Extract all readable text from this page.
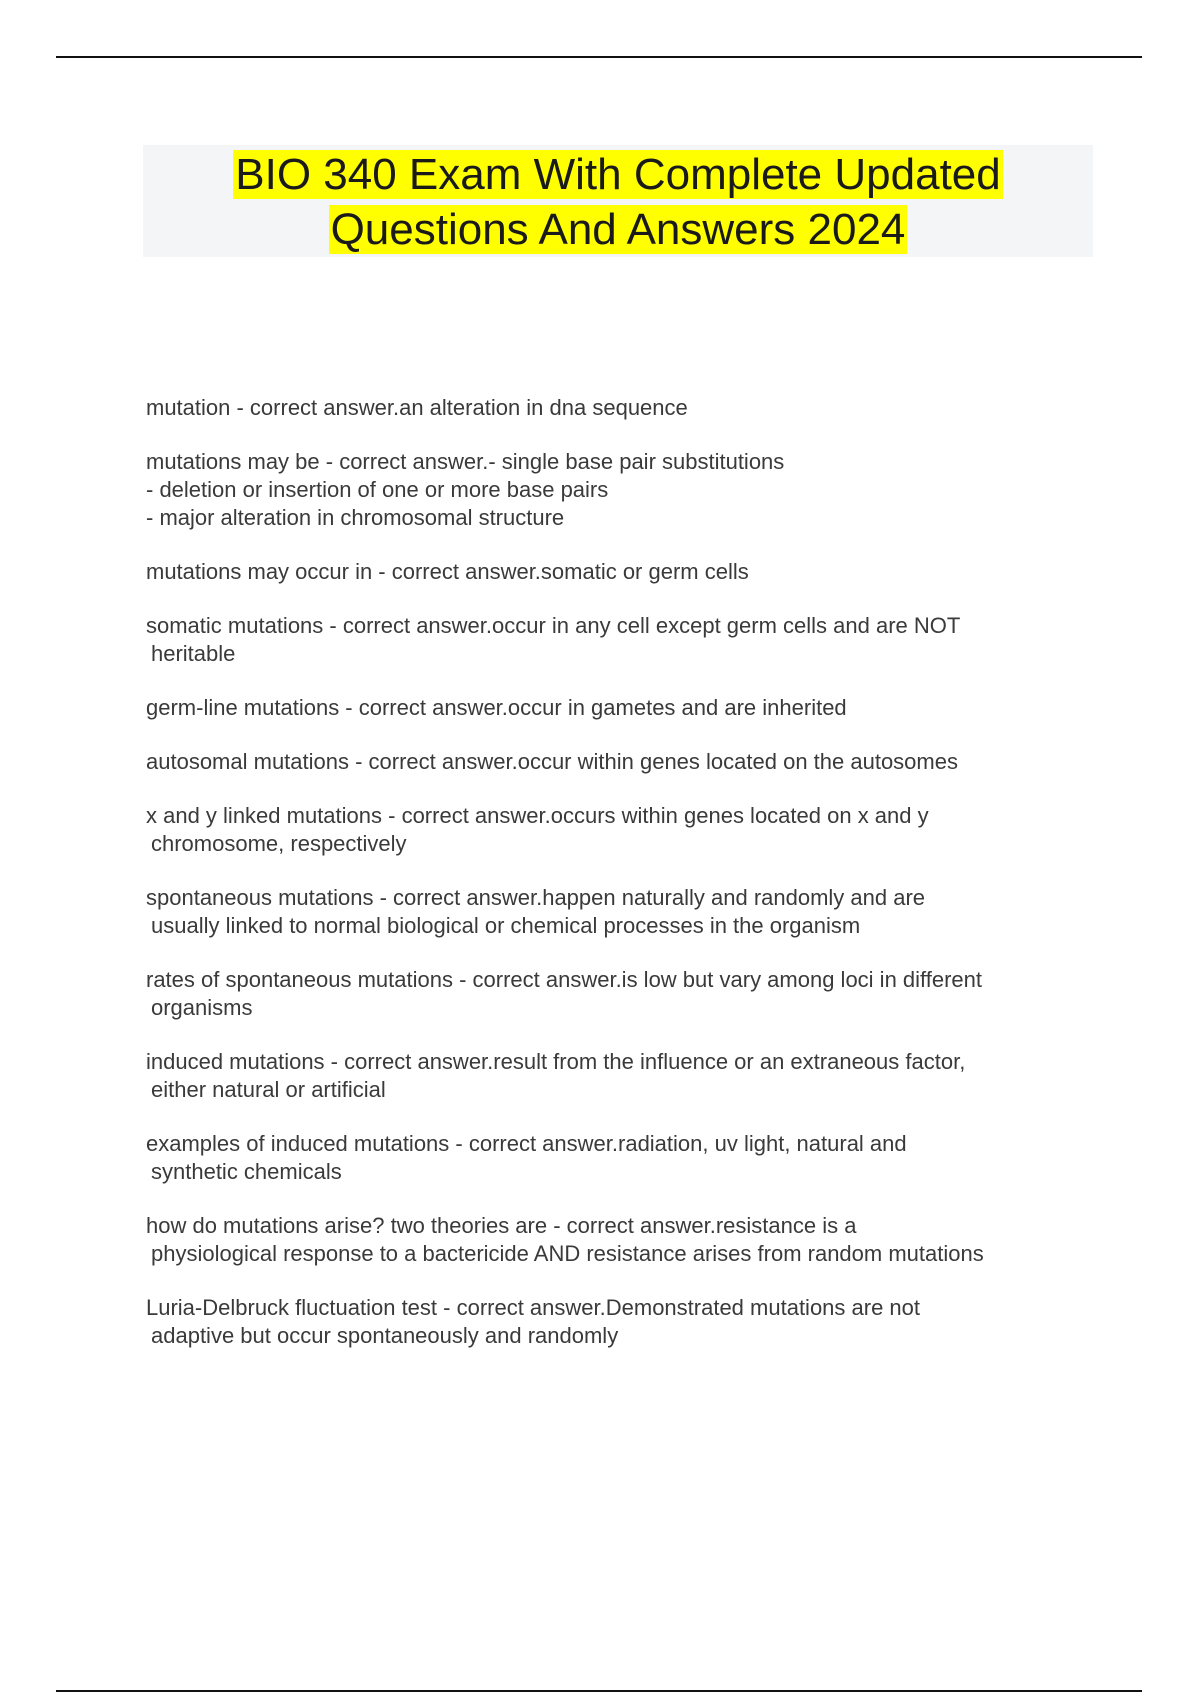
BIO 340 Exam With Complete Updated
Questions And Answers 2024
mutation - correct answer.an alteration in dna sequence
mutations may be - correct answer.- single base pair substitutions
- deletion or insertion of one or more base pairs
- major alteration in chromosomal structure
mutations may occur in - correct answer.somatic or germ cells
somatic mutations - correct answer.occur in any cell except germ cells and are NOT
heritable
germ-line mutations - correct answer.occur in gametes and are inherited
autosomal mutations - correct answer.occur within genes located on the autosomes
x and y linked mutations - correct answer.occurs within genes located on x and y
chromosome, respectively
spontaneous mutations - correct answer.happen naturally and randomly and are
usually linked to normal biological or chemical processes in the organism
rates of spontaneous mutations - correct answer.is low but vary among loci in different
organisms
induced mutations - correct answer.result from the influence or an extraneous factor,
either natural or artificial
examples of induced mutations - correct answer.radiation, uv light, natural and
synthetic chemicals
how do mutations arise? two theories are - correct answer.resistance is a
physiological response to a bactericide AND resistance arises from random mutations
Luria-Delbruck fluctuation test - correct answer.Demonstrated mutations are not
adaptive but occur spontaneously and randomly
